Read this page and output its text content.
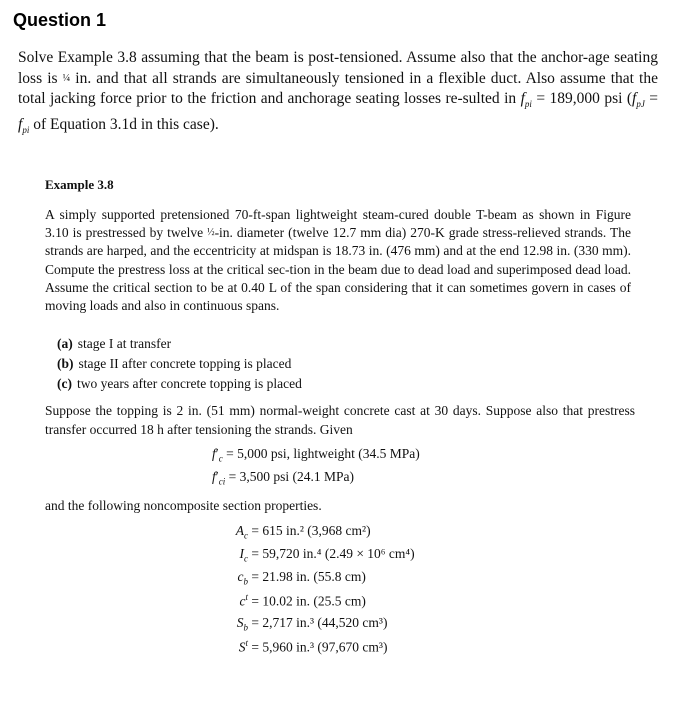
Question 1
Solve Example 3.8 assuming that the beam is post-tensioned. Assume also that the anchor-age seating loss is ¼ in. and that all strands are simultaneously tensioned in a flexible duct. Also assume that the total jacking force prior to the friction and anchorage seating losses re-sulted in $f_{pi} = 189,000$ psi ($f_{pJ} = f_{pi}$ of Equation 3.1d in this case).
Example 3.8
A simply supported pretensioned 70-ft-span lightweight steam-cured double T-beam as shown in Figure 3.10 is prestressed by twelve ½-in. diameter (twelve 12.7 mm dia) 270-K grade stress-relieved strands. The strands are harped, and the eccentricity at midspan is 18.73 in. (476 mm) and at the end 12.98 in. (330 mm). Compute the prestress loss at the critical sec-tion in the beam due to dead load and superimposed dead load. Assume the critical section to be at 0.40 L of the span considering that it can sometimes govern in cases of moving loads and also in continuous spans.
(a) stage I at transfer
(b) stage II after concrete topping is placed
(c) two years after concrete topping is placed
Suppose the topping is 2 in. (51 mm) normal-weight concrete cast at 30 days. Suppose also that prestress transfer occurred 18 h after tensioning the strands. Given
$f'_c = 5,000$ psi, lightweight (34.5 MPa)
$f'_{ci} = 3,500$ psi (24.1 MPa)
and the following noncomposite section properties.
$A_c = 615$ in.² (3,968 cm²)
$I_c = 59,720$ in.⁴ (2.49 × 10⁶ cm⁴)
$c_b = 21.98$ in. (55.8 cm)
$c^t = 10.02$ in. (25.5 cm)
$S_b = 2,717$ in.³ (44,520 cm³)
$S^t = 5,960$ in.³ (97,670 cm³)
